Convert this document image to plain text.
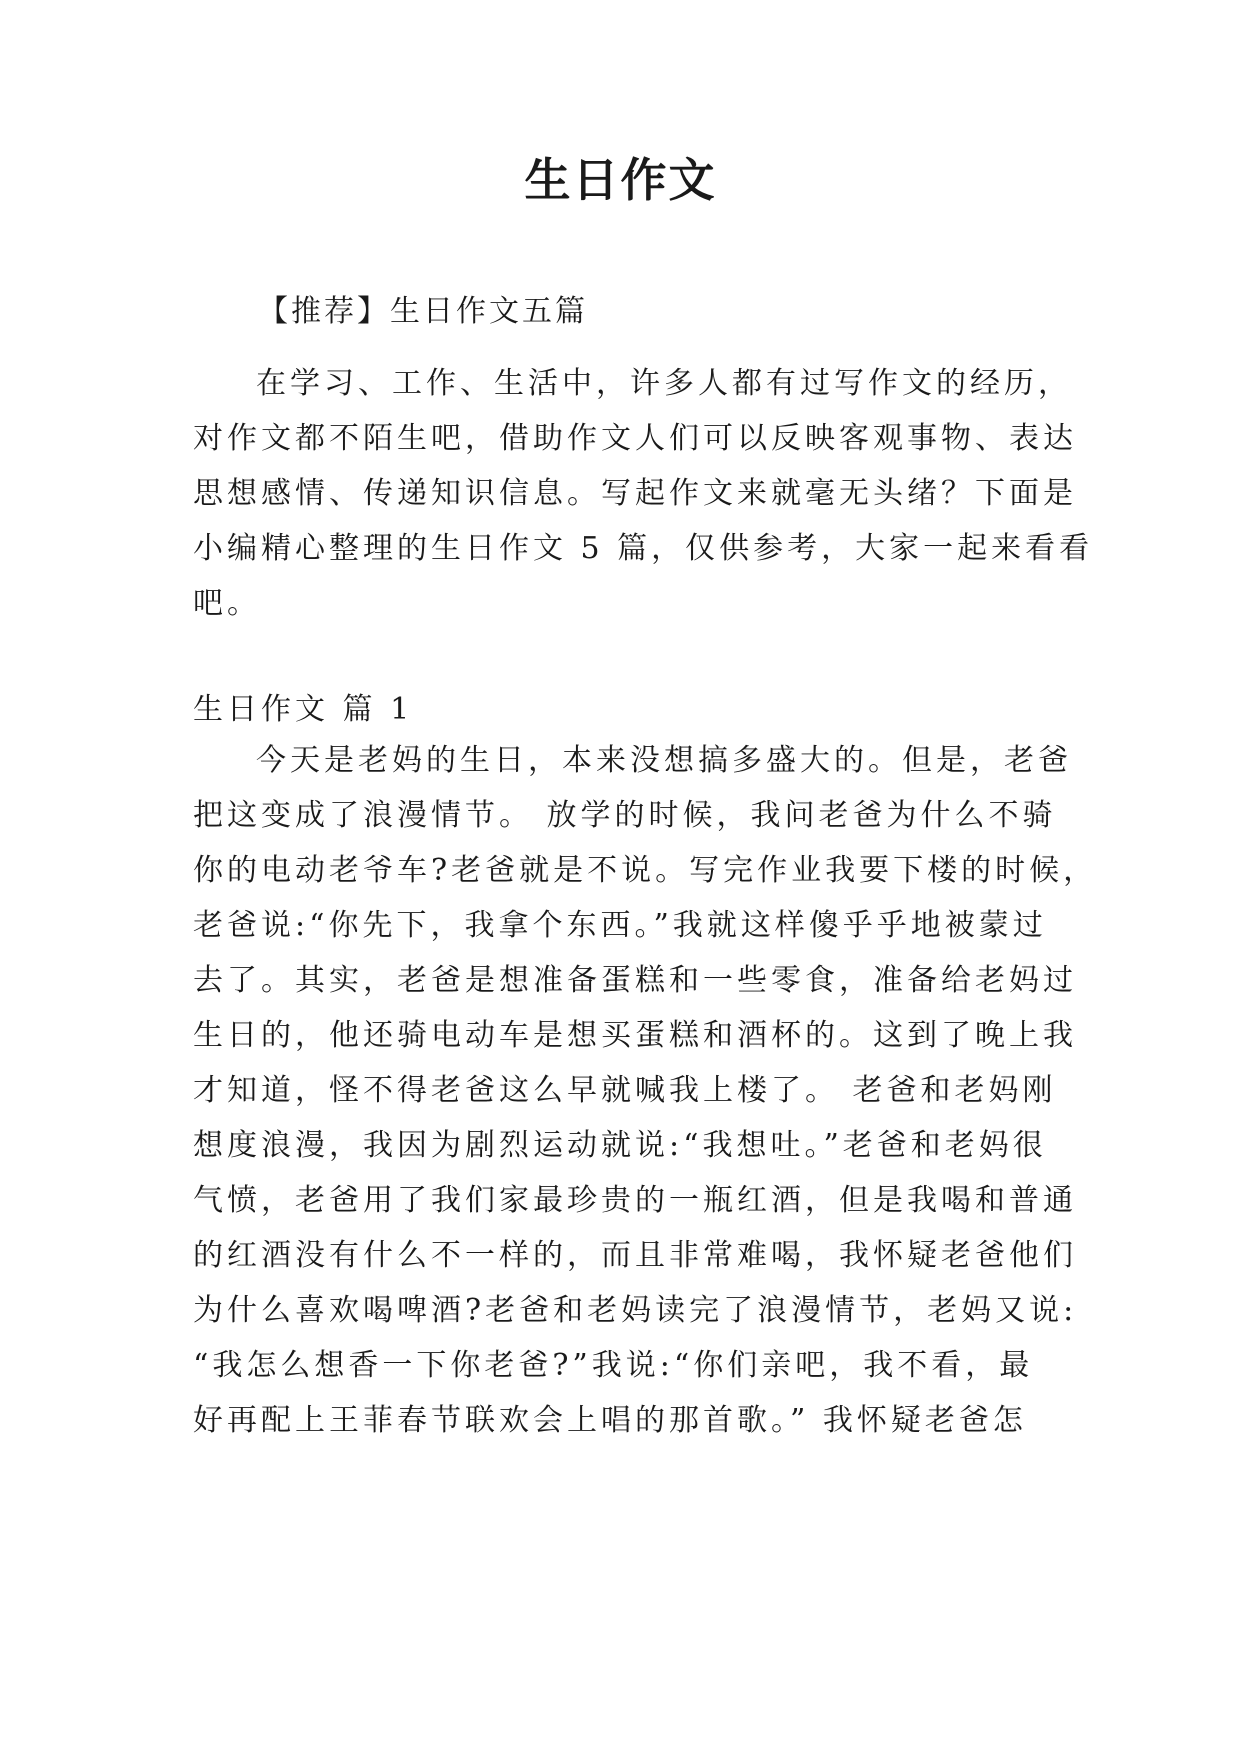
生日作文
【推荐】生日作文五篇
在学习、工作、生活中，许多人都有过写作文的经历，
对作文都不陌生吧，借助作文人们可以反映客观事物、表达
思想感情、传递知识信息。写起作文来就毫无头绪？下面是
小编精心整理的生日作文 5 篇，仅供参考，大家一起来看看
吧。
生日作文 篇 1
今天是老妈的生日，本来没想搞多盛大的。但是，老爸
把这变成了浪漫情节。 放学的时候，我问老爸为什么不骑
你的电动老爷车?老爸就是不说。写完作业我要下楼的时候，
老爸说:“你先下，我拿个东西。”我就这样傻乎乎地被蒙过
去了。其实，老爸是想准备蛋糕和一些零食，准备给老妈过
生日的，他还骑电动车是想买蛋糕和酒杯的。这到了晚上我
才知道，怪不得老爸这么早就喊我上楼了。 老爸和老妈刚
想度浪漫，我因为剧烈运动就说:“我想吐。”老爸和老妈很
气愤，老爸用了我们家最珍贵的一瓶红酒，但是我喝和普通
的红酒没有什么不一样的，而且非常难喝，我怀疑老爸他们
为什么喜欢喝啤酒?老爸和老妈读完了浪漫情节，老妈又说:
“我怎么想香一下你老爸?”我说:“你们亲吧，我不看，最
好再配上王菲春节联欢会上唱的那首歌。” 我怀疑老爸怎
